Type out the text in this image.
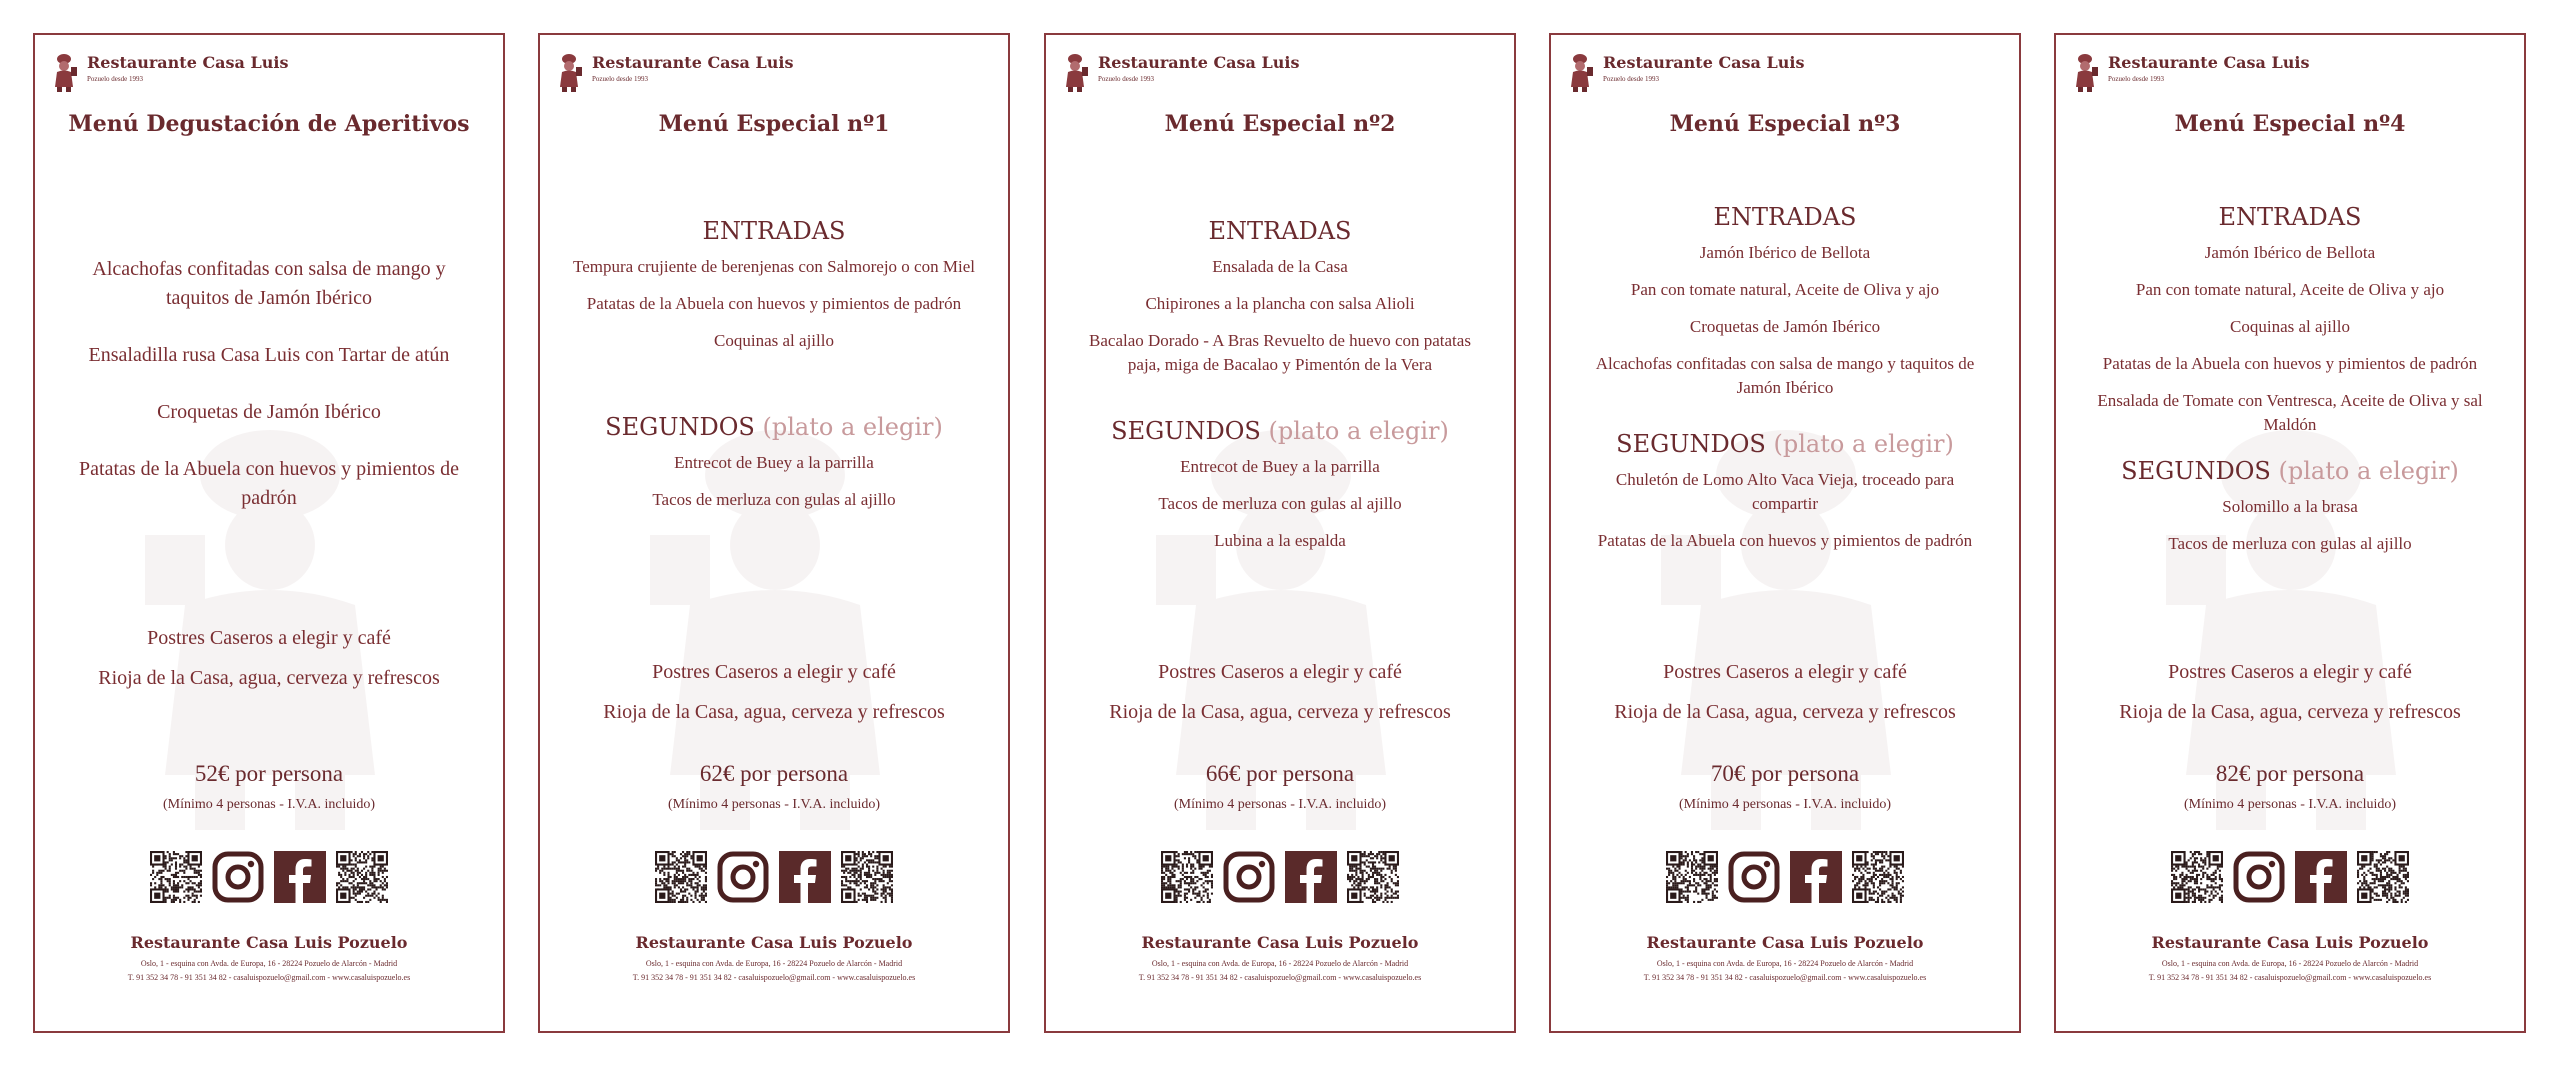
Restaurante Casa Luis
Pozuelo desde 1993
Menú Degustación de Aperitivos
Alcachofas confitadas con salsa de mango y taquitos de Jamón Ibérico
Ensaladilla rusa Casa Luis con Tartar de atún
Croquetas de Jamón Ibérico
Patatas de la Abuela con huevos y pimientos de padrón
Postres Caseros a elegir y café
Rioja de la Casa, agua, cerveza y refrescos
52€ por persona
(Mínimo 4 personas - I.V.A. incluido)
Restaurante Casa Luis Pozuelo
Oslo, 1 - esquina con Avda. de Europa, 16 - 28224 Pozuelo de Alarcón - Madrid
T. 91 352 34 78 - 91 351 34 82 - casaluispozuelo@gmail.com - www.casaluispozuelo.es
Restaurante Casa Luis
Pozuelo desde 1993
Menú Especial nº1
ENTRADAS
Tempura crujiente de berenjenas con Salmorejo o con Miel
Patatas de la Abuela con huevos y pimientos de padrón
Coquinas al ajillo
SEGUNDOS (plato a elegir)
Entrecot de Buey a la parrilla
Tacos de merluza con gulas al ajillo
Postres Caseros a elegir y café
Rioja de la Casa, agua, cerveza y refrescos
62€ por persona
(Mínimo 4 personas - I.V.A. incluido)
Restaurante Casa Luis Pozuelo
Oslo, 1 - esquina con Avda. de Europa, 16 - 28224 Pozuelo de Alarcón - Madrid
T. 91 352 34 78 - 91 351 34 82 - casaluispozuelo@gmail.com - www.casaluispozuelo.es
Restaurante Casa Luis
Pozuelo desde 1993
Menú Especial nº2
ENTRADAS
Ensalada de la Casa
Chipirones a la plancha con salsa Alioli
Bacalao Dorado - A Bras Revuelto de huevo con patatas paja, miga de Bacalao y Pimentón de la Vera
SEGUNDOS (plato a elegir)
Entrecot de Buey a la parrilla
Tacos de merluza con gulas al ajillo
Lubina a la espalda
Postres Caseros a elegir y café
Rioja de la Casa, agua, cerveza y refrescos
66€ por persona
(Mínimo 4 personas - I.V.A. incluido)
Restaurante Casa Luis Pozuelo
Oslo, 1 - esquina con Avda. de Europa, 16 - 28224 Pozuelo de Alarcón - Madrid
T. 91 352 34 78 - 91 351 34 82 - casaluispozuelo@gmail.com - www.casaluispozuelo.es
Restaurante Casa Luis
Pozuelo desde 1993
Menú Especial nº3
ENTRADAS
Jamón Ibérico de Bellota
Pan con tomate natural, Aceite de Oliva y ajo
Croquetas de Jamón Ibérico
Alcachofas confitadas con salsa de mango y taquitos de Jamón Ibérico
SEGUNDOS (plato a elegir)
Chuletón de Lomo Alto Vaca Vieja, troceado para compartir
Patatas de la Abuela con huevos y pimientos de padrón
Postres Caseros a elegir y café
Rioja de la Casa, agua, cerveza y refrescos
70€ por persona
(Mínimo 4 personas - I.V.A. incluido)
Restaurante Casa Luis Pozuelo
Oslo, 1 - esquina con Avda. de Europa, 16 - 28224 Pozuelo de Alarcón - Madrid
T. 91 352 34 78 - 91 351 34 82 - casaluispozuelo@gmail.com - www.casaluispozuelo.es
Restaurante Casa Luis
Pozuelo desde 1993
Menú Especial nº4
ENTRADAS
Jamón Ibérico de Bellota
Pan con tomate natural, Aceite de Oliva y ajo
Coquinas al ajillo
Patatas de la Abuela con huevos y pimientos de padrón
Ensalada de Tomate con Ventresca, Aceite de Oliva y sal Maldón
SEGUNDOS (plato a elegir)
Solomillo a la brasa
Tacos de merluza con gulas al ajillo
Postres Caseros a elegir y café
Rioja de la Casa, agua, cerveza y refrescos
82€ por persona
(Mínimo 4 personas - I.V.A. incluido)
Restaurante Casa Luis Pozuelo
Oslo, 1 - esquina con Avda. de Europa, 16 - 28224 Pozuelo de Alarcón - Madrid
T. 91 352 34 78 - 91 351 34 82 - casaluispozuelo@gmail.com - www.casaluispozuelo.es
